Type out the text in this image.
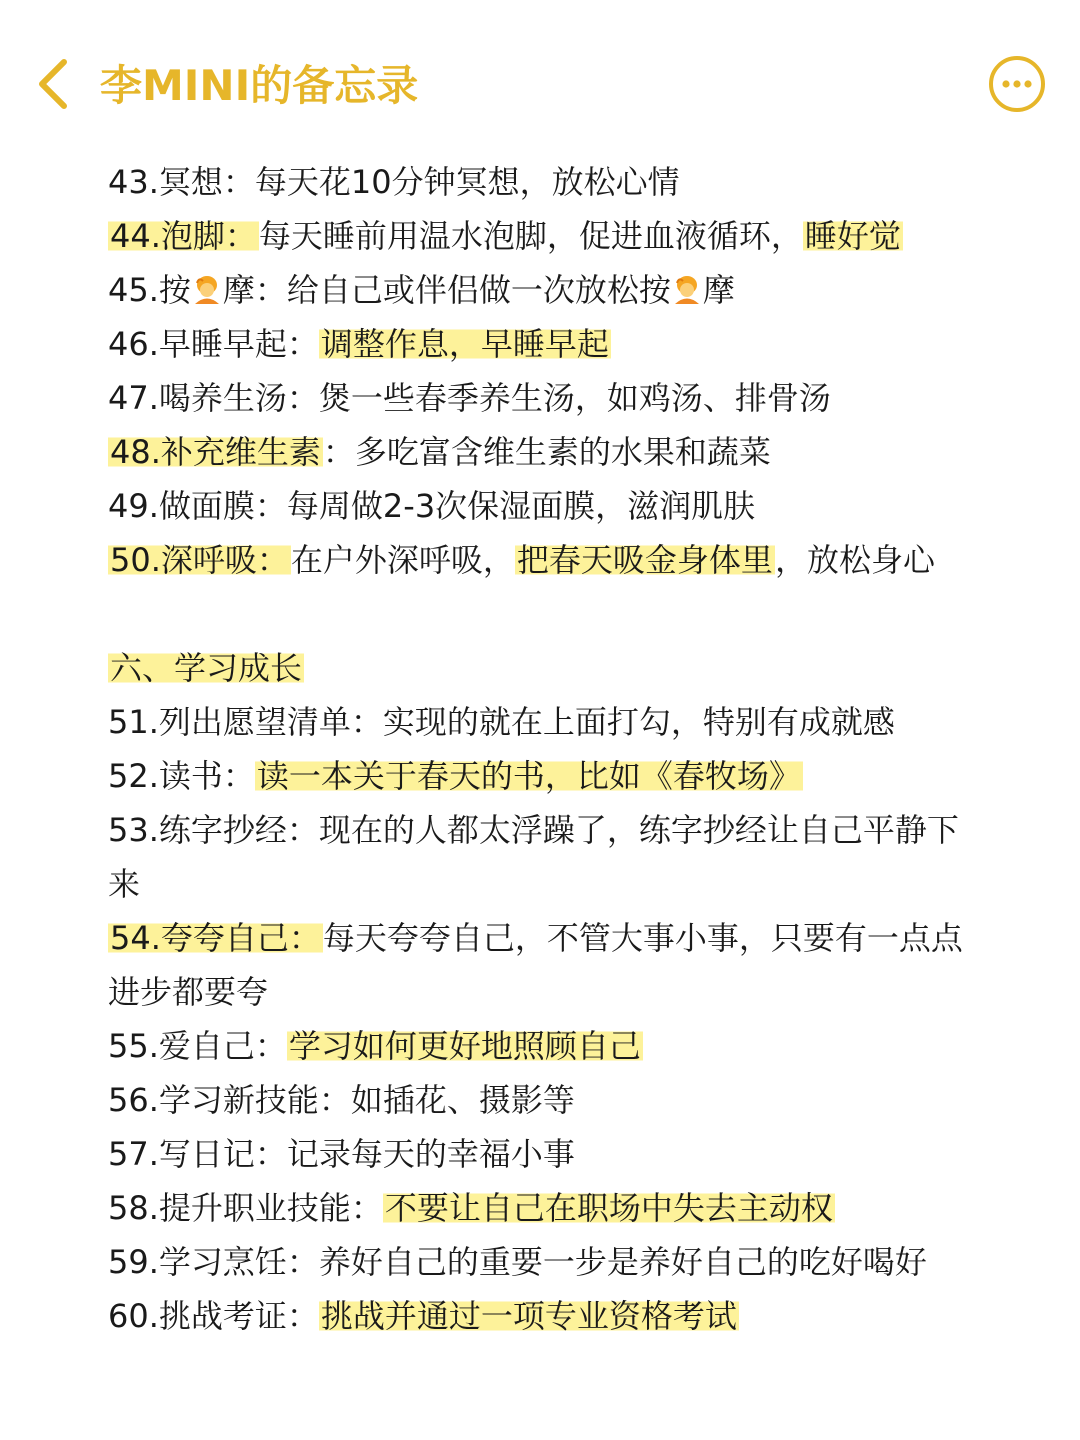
李MINI的备忘录
43.冥想：每天花10分钟冥想，放松心情
44.泡脚：每天睡前用温水泡脚，促进血液循环，睡好觉
45.按 摩：给自己或伴侣做一次放松按 摩
46.早睡早起：调整作息，早睡早起
47.喝养生汤：煲一些春季养生汤，如鸡汤、排骨汤
48.补充维生素：多吃富含维生素的水果和蔬菜
49.做面膜：每周做2-3次保湿面膜，滋润肌肤
50.深呼吸：在户外深呼吸，把春天吸金身体里，放松身心
六、学习成长
51.列出愿望清单：实现的就在上面打勾，特别有成就感
52.读书：读一本关于春天的书，比如《春牧场》
53.练字抄经：现在的人都太浮躁了，练字抄经让自己平静下来
54.夸夸自己：每天夸夸自己，不管大事小事，只要有一点点进步都要夸
55.爱自己：学习如何更好地照顾自己
56.学习新技能：如插花、摄影等
57.写日记：记录每天的幸福小事
58.提升职业技能：不要让自己在职场中失去主动权
59.学习烹饪：养好自己的重要一步是养好自己的吃好喝好
60.挑战考证：挑战并通过一项专业资格考试
